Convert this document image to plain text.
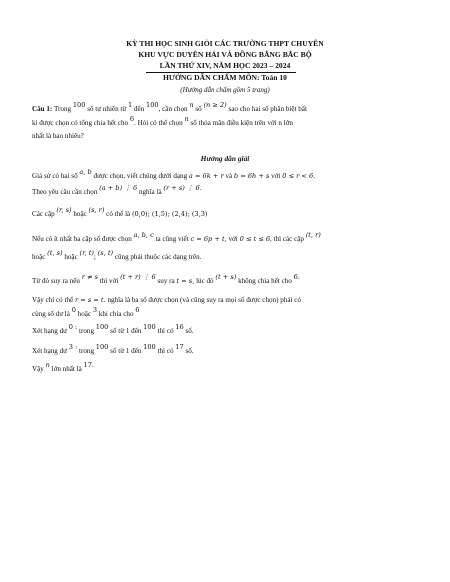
KỲ THI HỌC SINH GIỎI CÁC TRƯỜNG THPT CHUYÊN
KHU VỰC DUYÊN HẢI VÀ ĐỒNG BẰNG BẮC BỘ
LẦN THỨ XIV, NĂM HỌC 2023 – 2024
HƯỚNG DẪN CHẤM MÔN: Toán 10
(Hướng dẫn chấm gồm 5 trang)
Câu 1: Trong 100 số tự nhiên từ 1 đến 100, cần chọn n số (n ≥ 2) sao cho hai số phân biệt bất
kì được chọn có tổng chia hết cho 6. Hỏi có thể chọn n số thỏa mãn điều kiện trên với n lớn
nhất là bao nhiêu?
Hướng dẫn giải
Giả sử có hai số a, b được chọn, viết chúng dưới dạng a = 6k + r và b = 6h + s với 0 ≤ r < 6.
Theo yêu cầu cần chọn (a + b) ⋮ 6 nghĩa là (r + s) ⋮ 6.
Các cặp (r, s) hoặc (s, r) có thể là (0,0); (1,5); (2,4); (3,3)
Nếu có ít nhất ba cặp số được chọn a, b, c ta cũng viết c = 6p + t, với 0 ≤ t ≤ 6, thì các cặp (t, r)
hoặc (t, s) hoặc (r, t); (s, t) cũng phải thuộc các dạng trên.
Từ đó suy ra nếu r ≠ s thì với (t + r) ⋮ 6 suy ra t = s, lúc đó (t + s) không chia hết cho 6.
Vậy chỉ có thể r = s = t. nghĩa là ba số được chọn (và cũng suy ra mọi số được chọn) phải có
cùng số dư là 0 hoặc 3 khi chia cho 6
Xét hạng dư 0 : trong 100 số từ 1 đến 100 thì có 16 số.
Xét hạng dư 3 : trong 100 số từ 1 đến 100 thì có 17 số.
Vậy n lớn nhất là 17.
